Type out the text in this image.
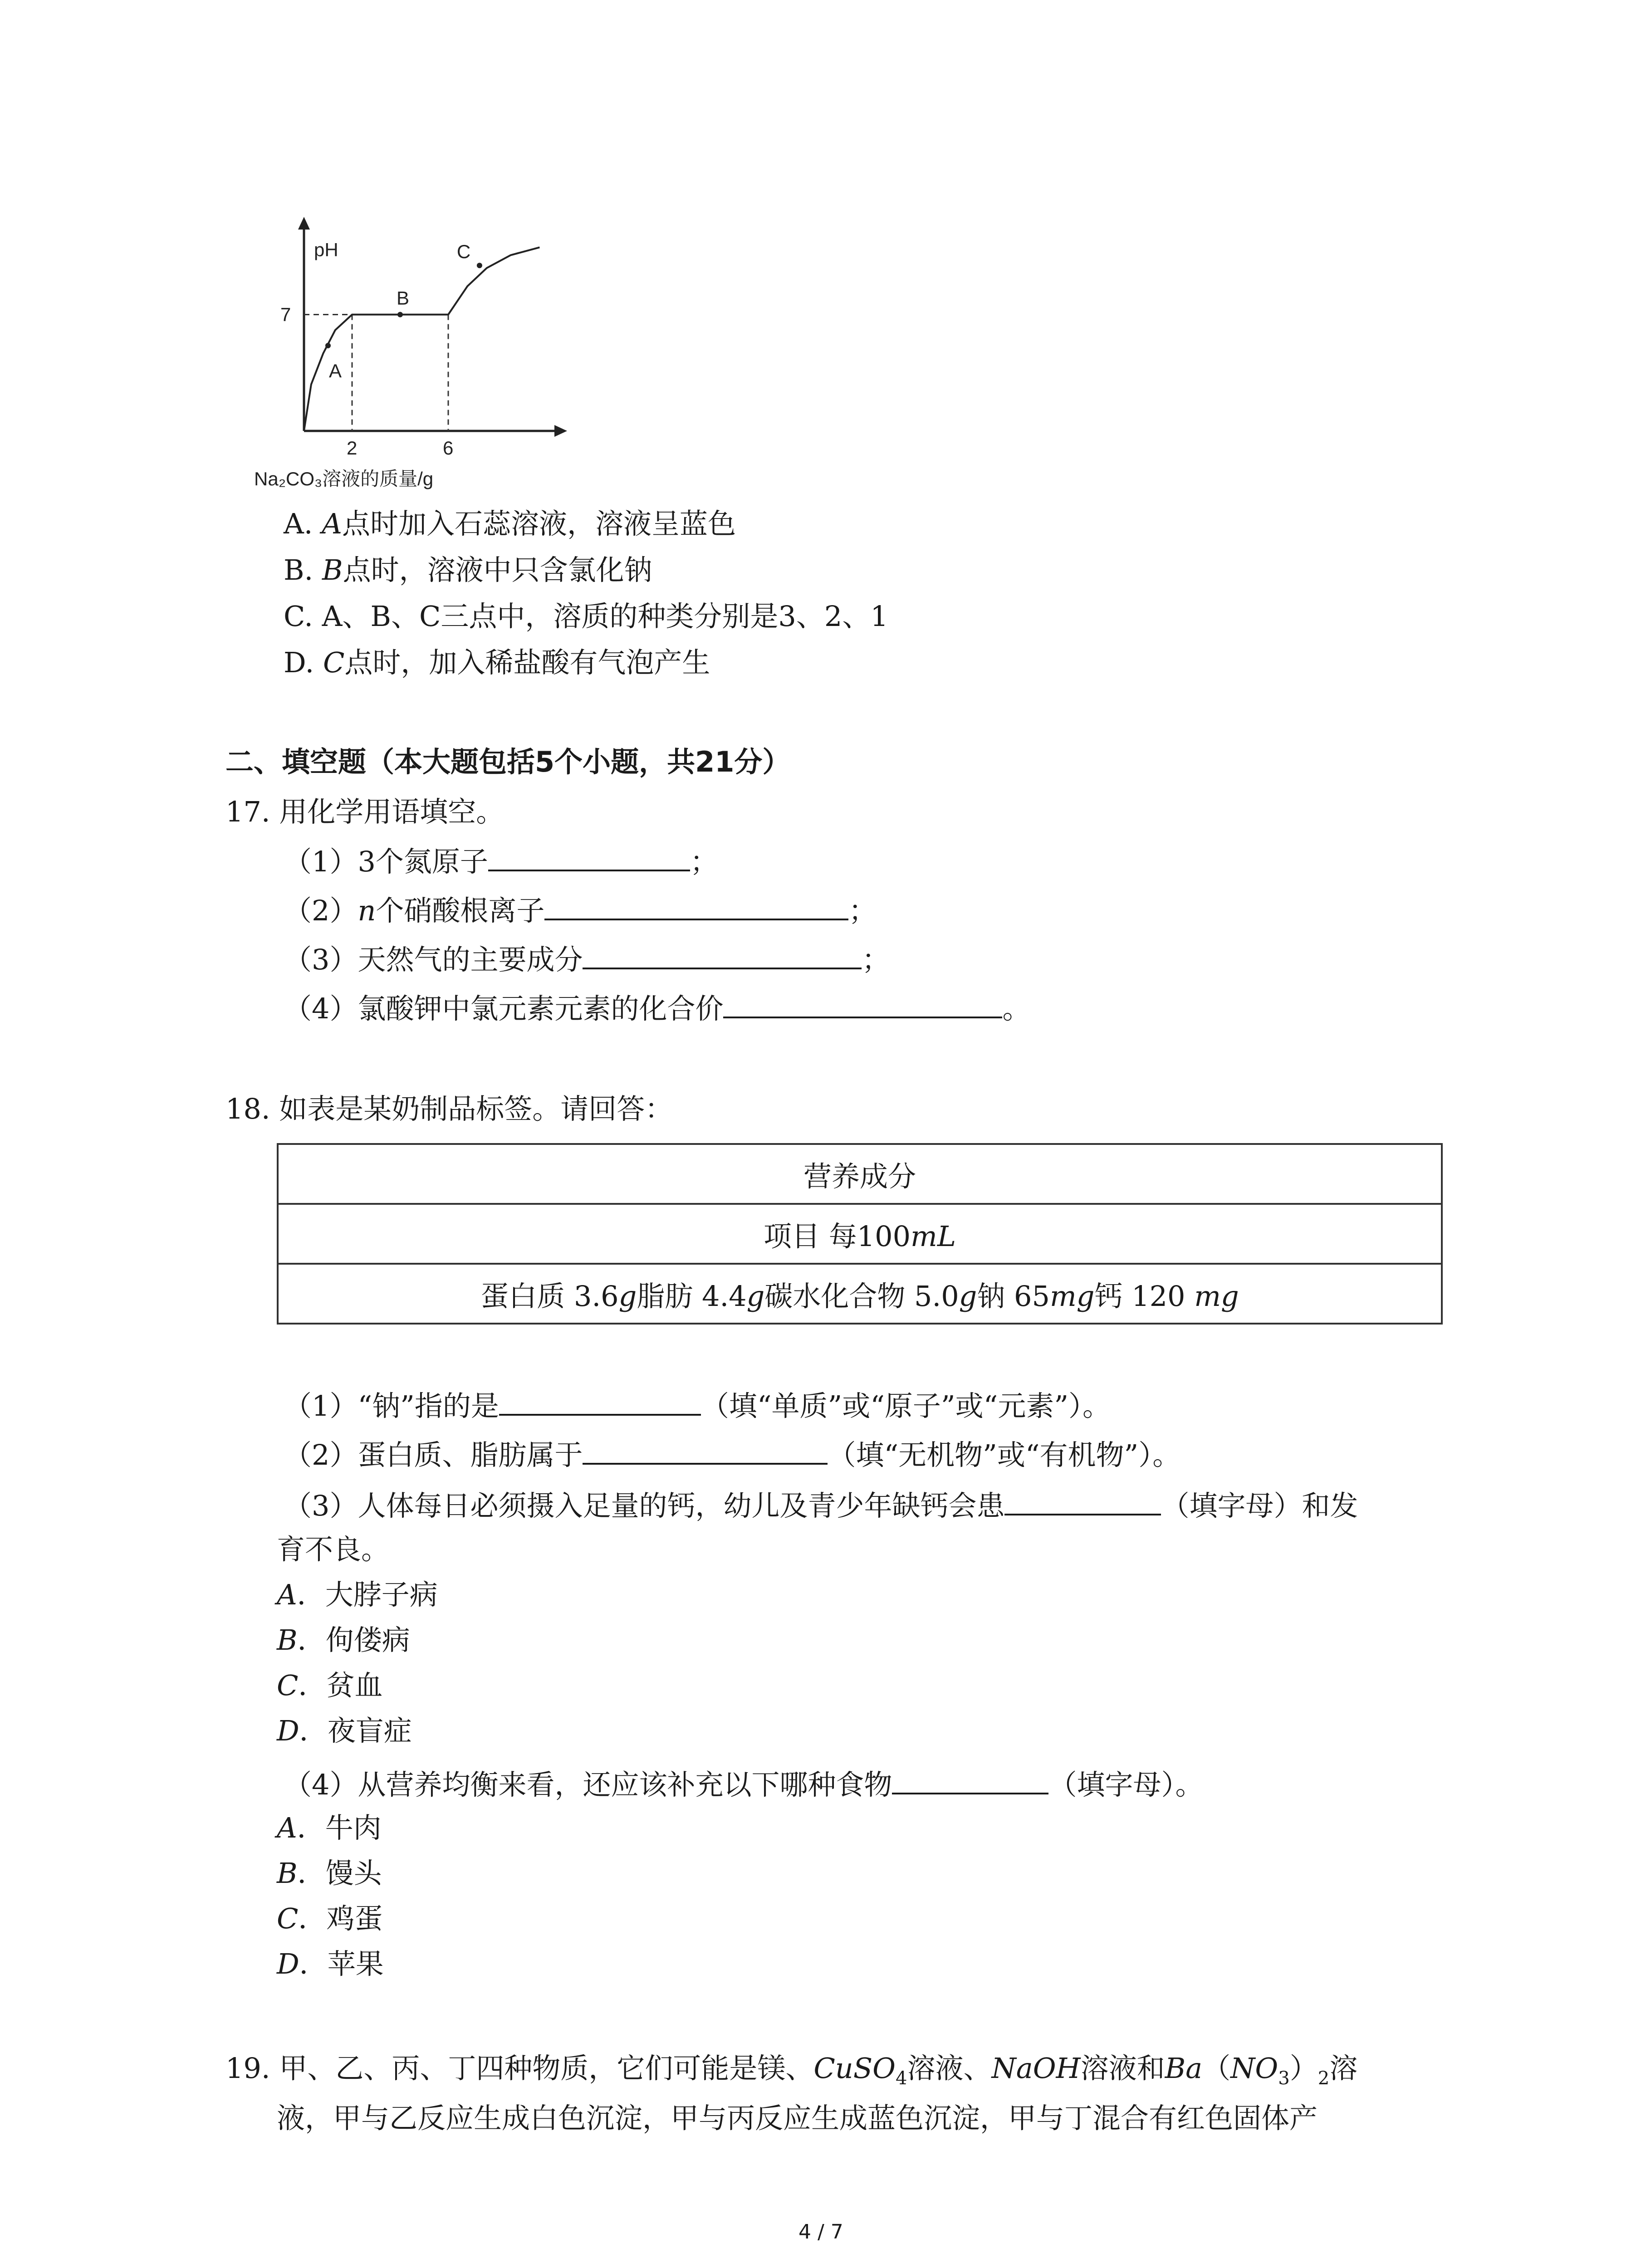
pH
Na₂CO₃溶液的质量/g
7
2	6
A
B
C
A. A点时加入石蕊溶液，溶液呈蓝色
B. B点时，溶液中只含氯化钠
C. A、B、C三点中，溶质的种类分别是3、2、1
D. C点时，加入稀盐酸有气泡产生
二、填空题（本大题包括5个小题，共21分）
17. 用化学用语填空。
（1）3个氮原子	；
（2）n个硝酸根离子	；
（3）天然气的主要成分	；
（4）氯酸钾中氯元素元素的化合价	。
18. 如表是某奶制品标签。请回答：
营养成分
项目 每100mL
蛋白质 3.6g脂肪 4.4g碳水化合物 5.0g钠 65mg钙 120 mg
（1）“钠”指的是	（填“单质”或“原子”或“元素”）。
（2）蛋白质、脂肪属于	（填“无机物”或“有机物”）。
（3）人体每日必须摄入足量的钙，幼儿及青少年缺钙会患	（填字母）和发
育不良。
A．大脖子病
B．佝偻病
C．贫血
D．夜盲症
（4）从营养均衡来看，还应该补充以下哪种食物	（填字母）。
A．牛肉
B．馒头
C．鸡蛋
D．苹果
19. 甲、乙、丙、丁四种物质，它们可能是镁、CuSO$_4$溶液、NaOH溶液和$Ba(NO_3)_2$溶
液，甲与乙反应生成白色沉淀，甲与丙反应生成蓝色沉淀，甲与丁混合有红色固体产
4 / 7
